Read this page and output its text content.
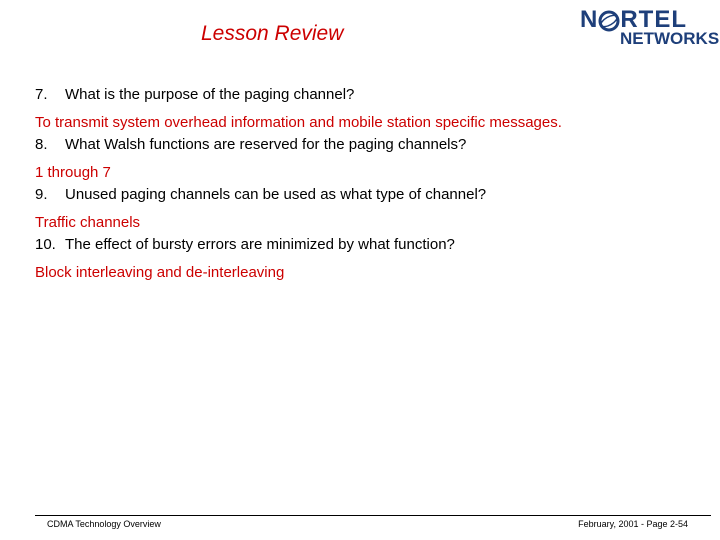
Lesson Review
N RTEL
NETWORKS
7. What is the purpose of the paging channel?
To transmit system overhead information and mobile station specific messages.
8. What Walsh functions are reserved for the paging channels?
1 through 7
9. Unused paging channels can be used as what type of channel?
Traffic channels
10. The effect of bursty errors are minimized by what function?
Block interleaving and de-interleaving
CDMA Technology Overview	February, 2001 - Page 2-54
